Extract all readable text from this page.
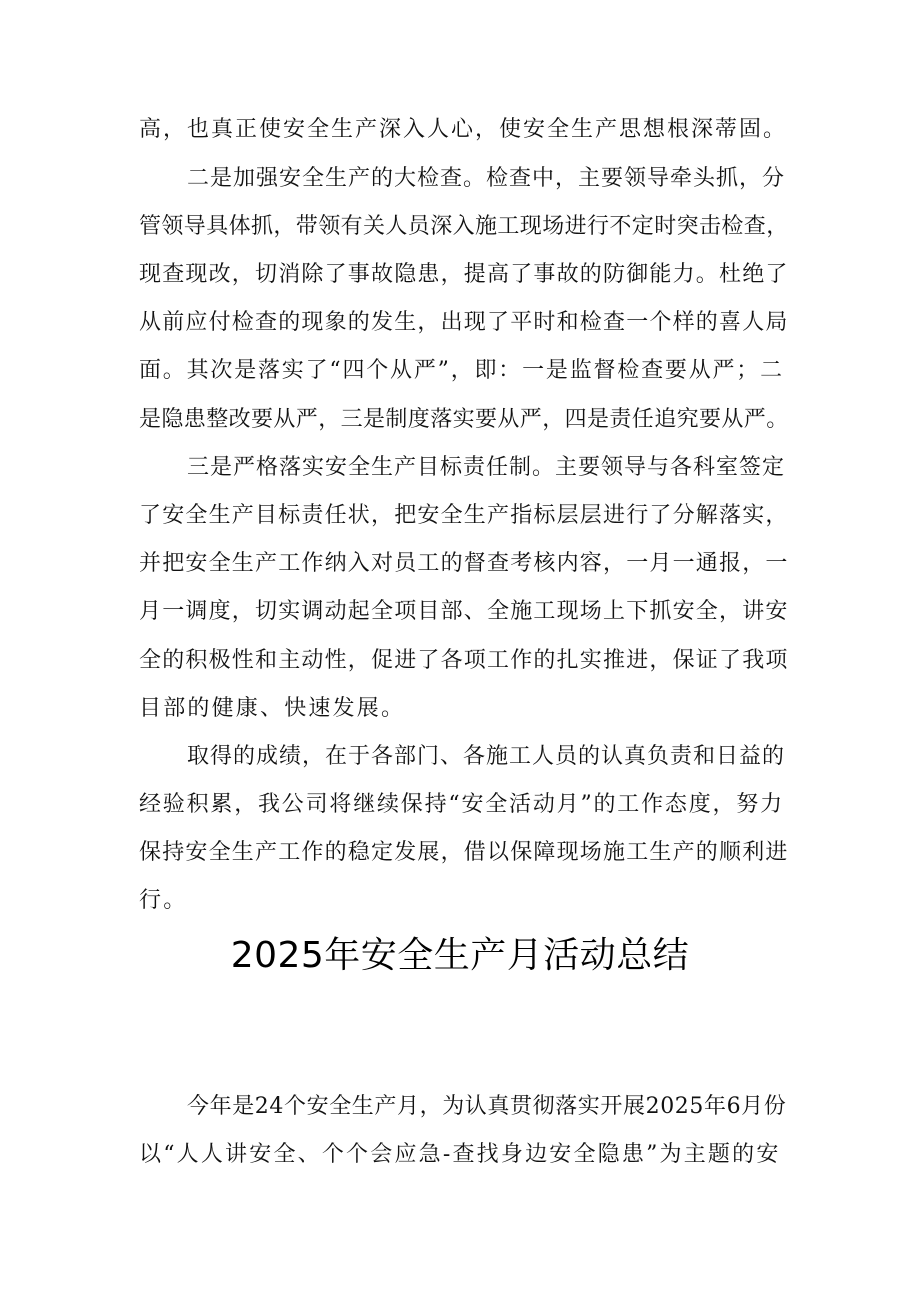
高，也真正使安全生产深入人心，使安全生产思想根深蒂固。
二是加强安全生产的大检查。检查中，主要领导牵头抓，分
管领导具体抓，带领有关人员深入施工现场进行不定时突击检查，
现查现改，切消除了事故隐患，提高了事故的防御能力。杜绝了
从前应付检查的现象的发生，出现了平时和检查一个样的喜人局
面。其次是落实了“四个从严”，即：一是监督检查要从严；二
是隐患整改要从严，三是制度落实要从严，四是责任追究要从严。
三是严格落实安全生产目标责任制。主要领导与各科室签定
了安全生产目标责任状，把安全生产指标层层进行了分解落实，
并把安全生产工作纳入对员工的督查考核内容，一月一通报，一
月一调度，切实调动起全项目部、全施工现场上下抓安全，讲安
全的积极性和主动性，促进了各项工作的扎实推进，保证了我项
目部的健康、快速发展。
取得的成绩，在于各部门、各施工人员的认真负责和日益的
经验积累，我公司将继续保持“安全活动月”的工作态度，努力
保持安全生产工作的稳定发展，借以保障现场施工生产的顺利进
行。
2025年安全生产月活动总结
今年是24个安全生产月，为认真贯彻落实开展2025年6月份
以“人人讲安全、个个会应急-查找身边安全隐患”为主题的安
